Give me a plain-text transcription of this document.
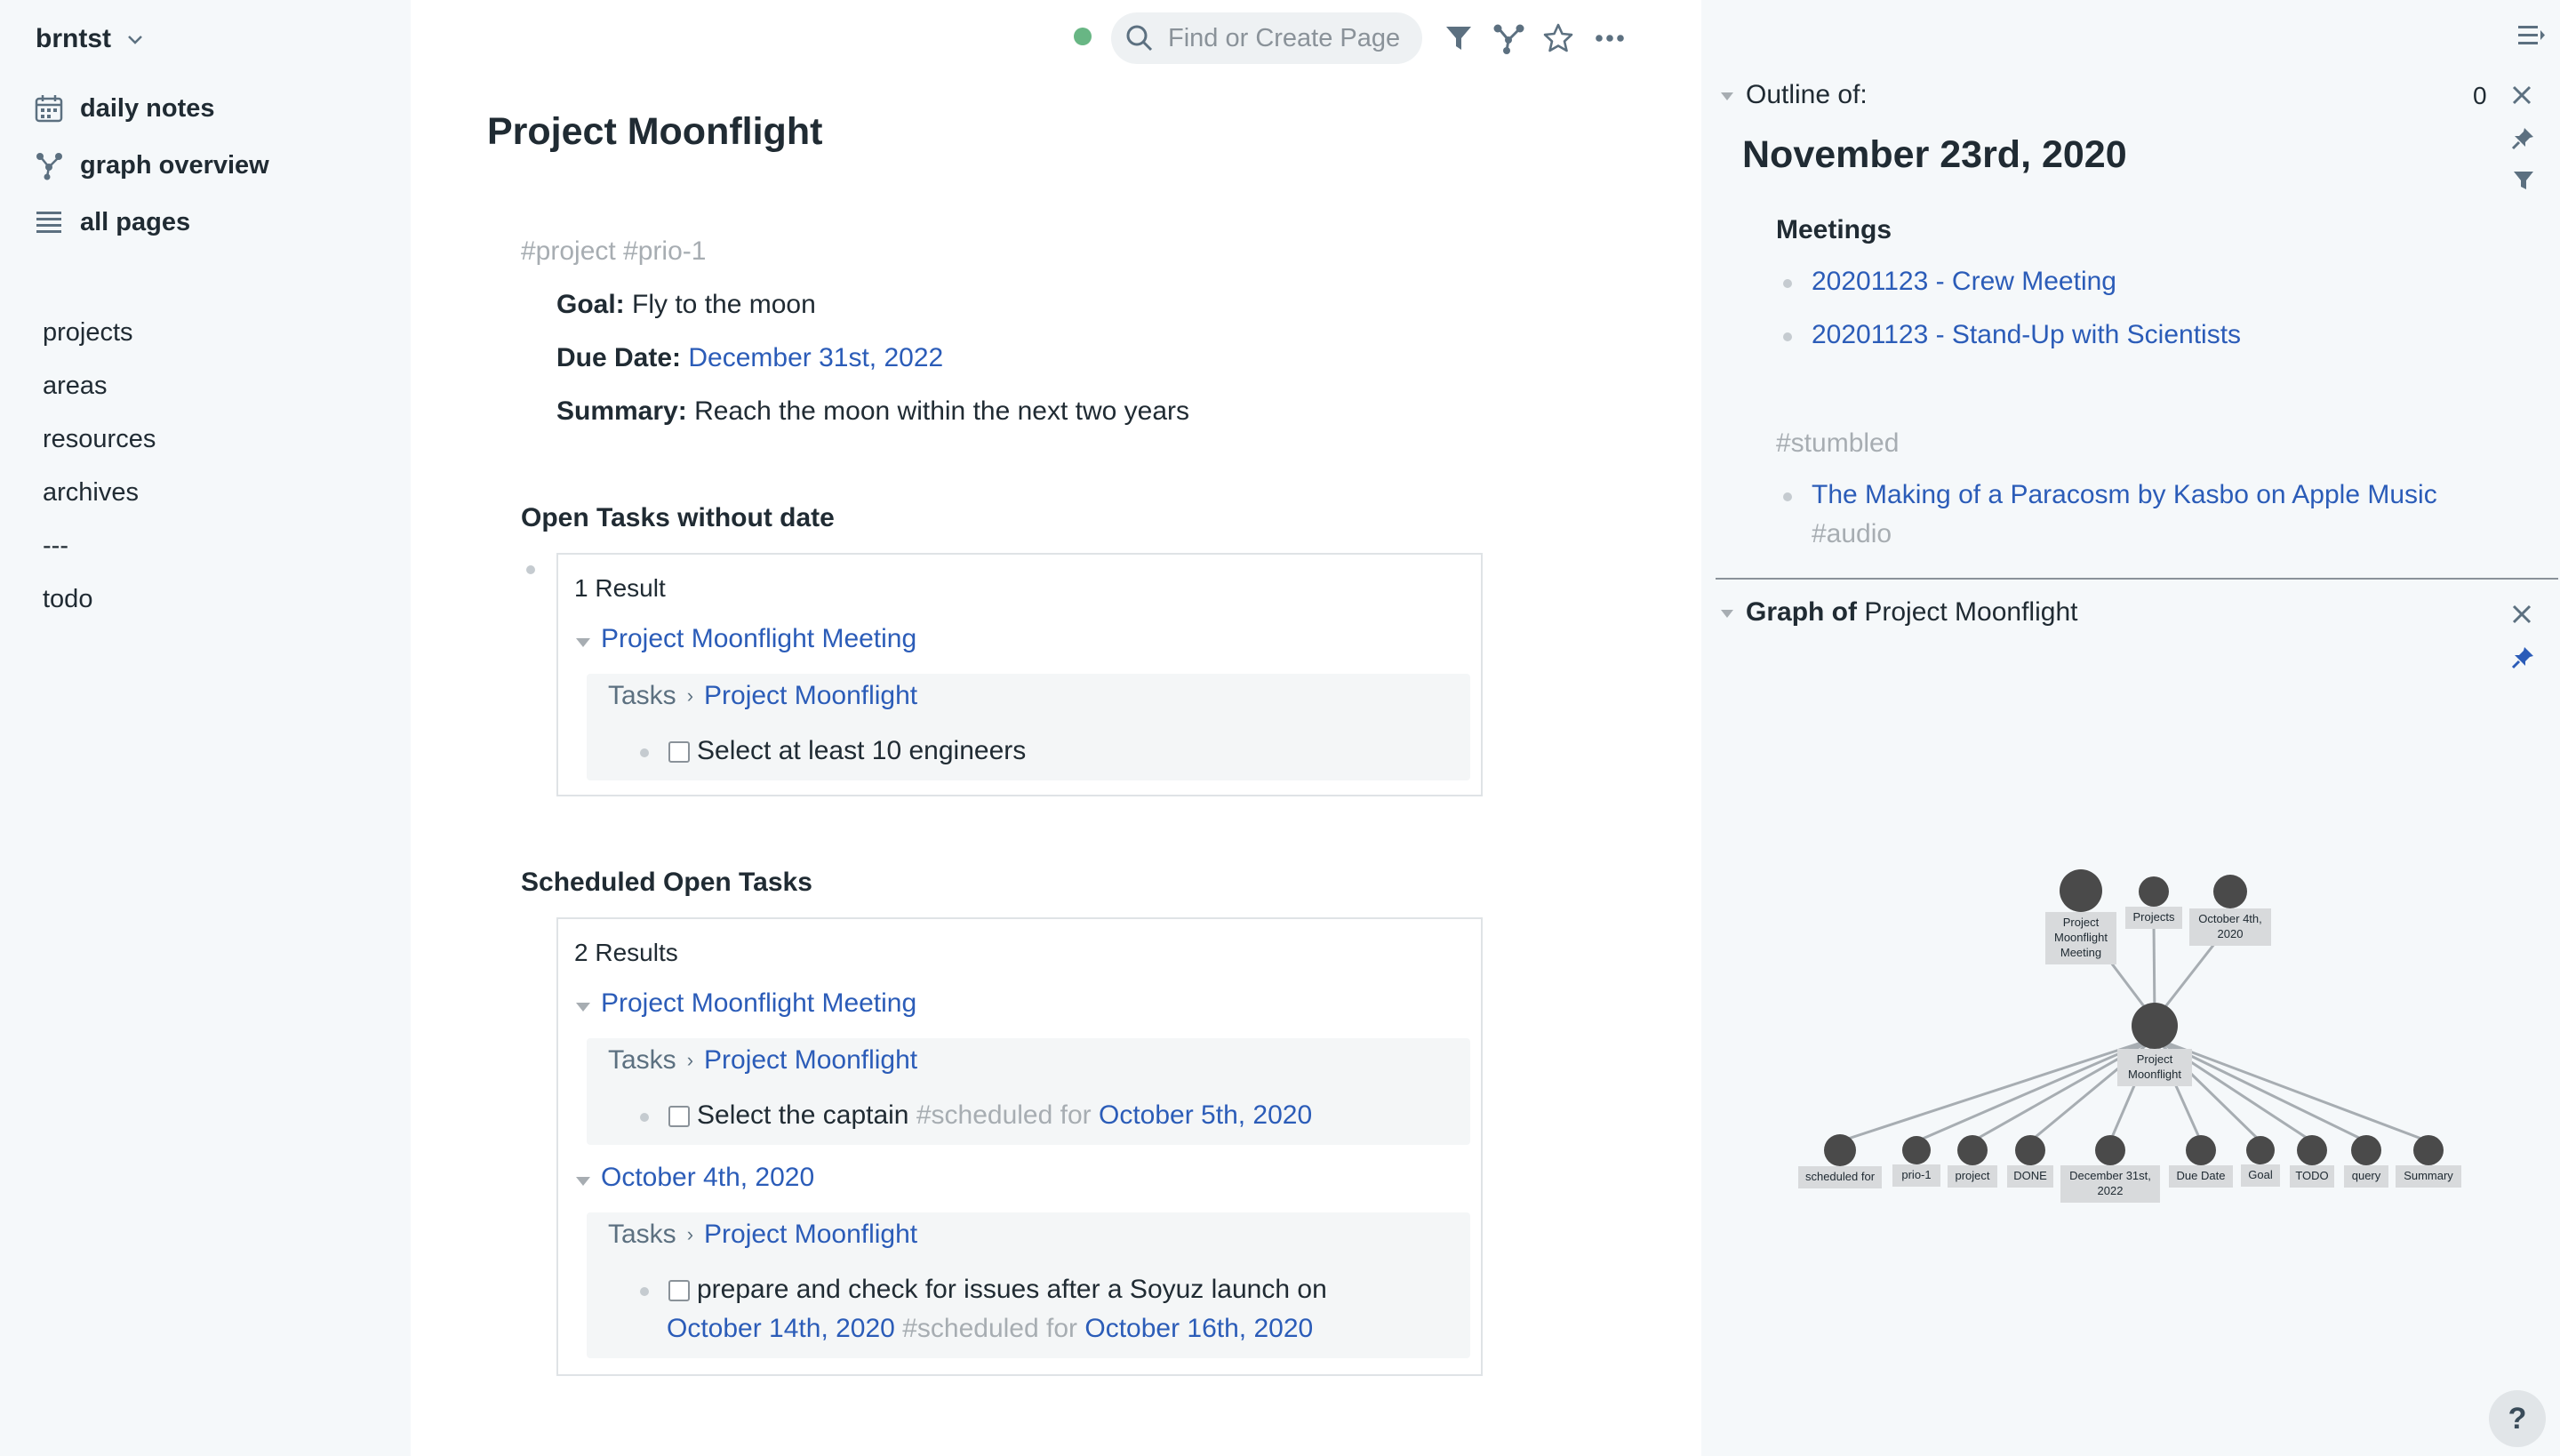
brntst
daily notes
graph overview
all pages
projects
areas
resources
archives
---
todo
Project Moonflight
#project #prio-1
Goal: Fly to the moon
Due Date: December 31st, 2022
Summary: Reach the moon within the next two years
Open Tasks without date
1 Result
Project Moonflight Meeting
Tasks › Project Moonflight
Select at least 10 engineers
Scheduled Open Tasks
2 Results
Project Moonflight Meeting
Tasks › Project Moonflight
Select the captain #scheduled for October 5th, 2020
October 4th, 2020
Tasks › Project Moonflight
prepare and check for issues after a Soyuz launch on
October 14th, 2020 #scheduled for October 16th, 2020
Find or Create Page
Outline of:	0
November 23rd, 2020
Meetings
20201123 - Crew Meeting
20201123 - Stand-Up with Scientists
#stumbled
The Making of a Paracosm by Kasbo on Apple Music
#audio
Graph of Project Moonflight
Project
Moonflight
Meeting
Projects October 4th,
2020
Project
Moonflight
scheduled for prio-1 project DONE December 31st,
2022
Due Date Goal TODO query Summary
?
